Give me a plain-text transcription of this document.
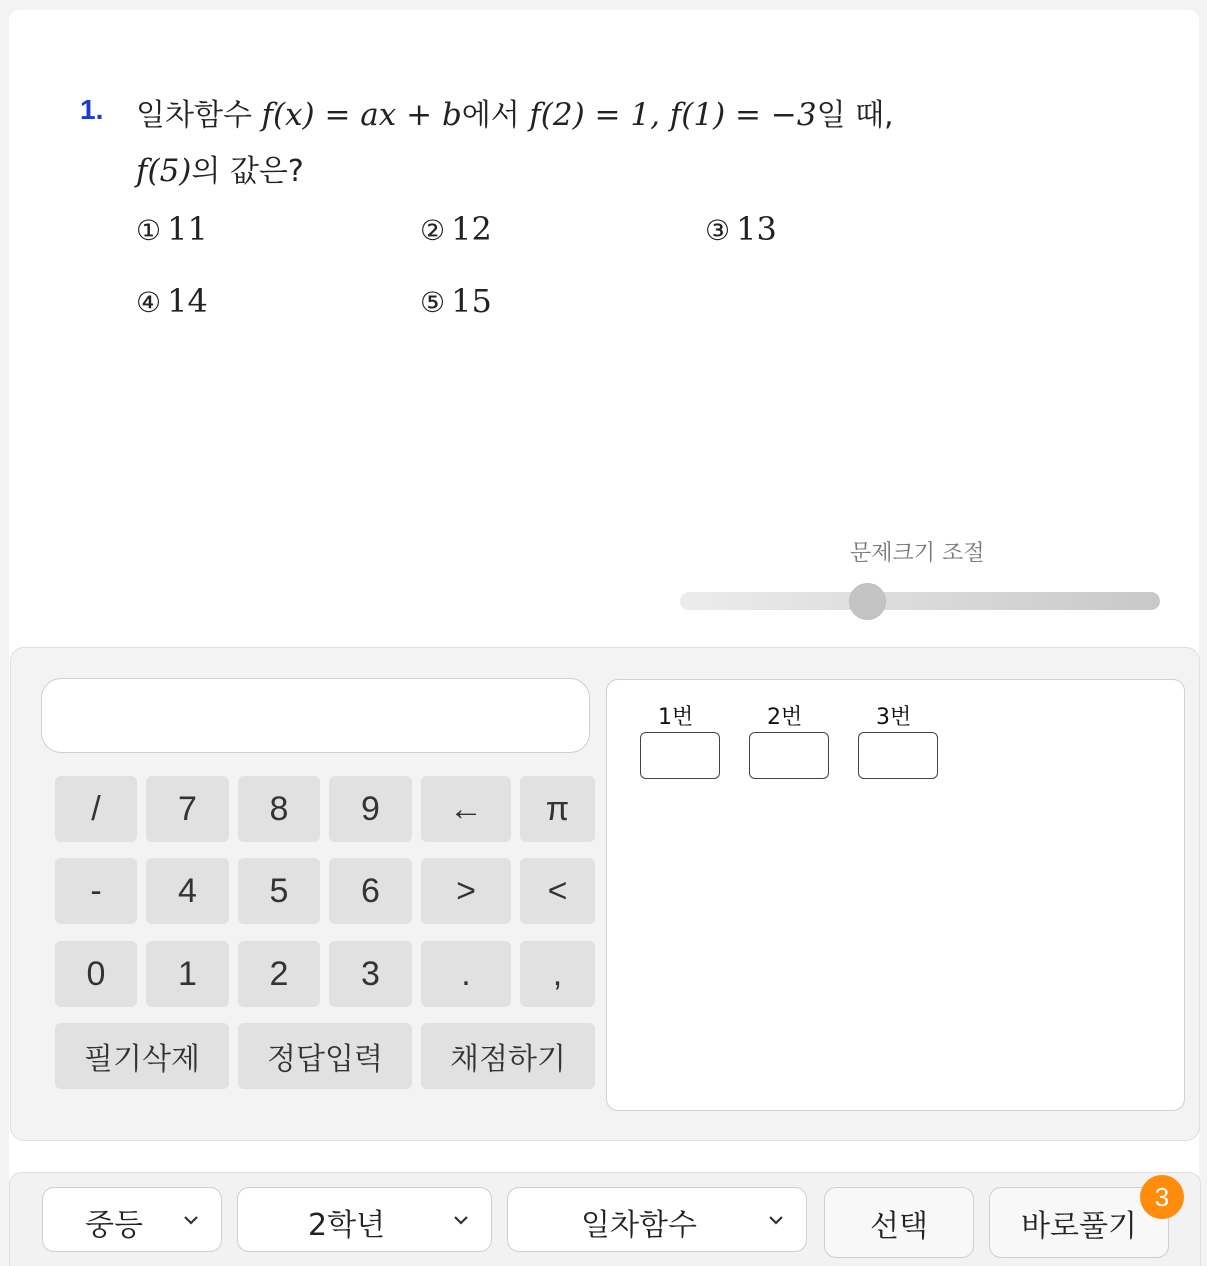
1. 일차함수 f(x) = ax + b에서 f(2) = 1, f(1) = −3일 때,
f(5)의 값은?
① 11	② 12	③ 13
④ 14	⑤ 15
문제크기 조절
/	7	8	9	←	π
-	4	5	6	>	<
0	1	2	3	.	,
필기삭제	정답입력	채점하기
1번	2번	3번
중등	2학년	일차함수	선택	바로풀기
3
